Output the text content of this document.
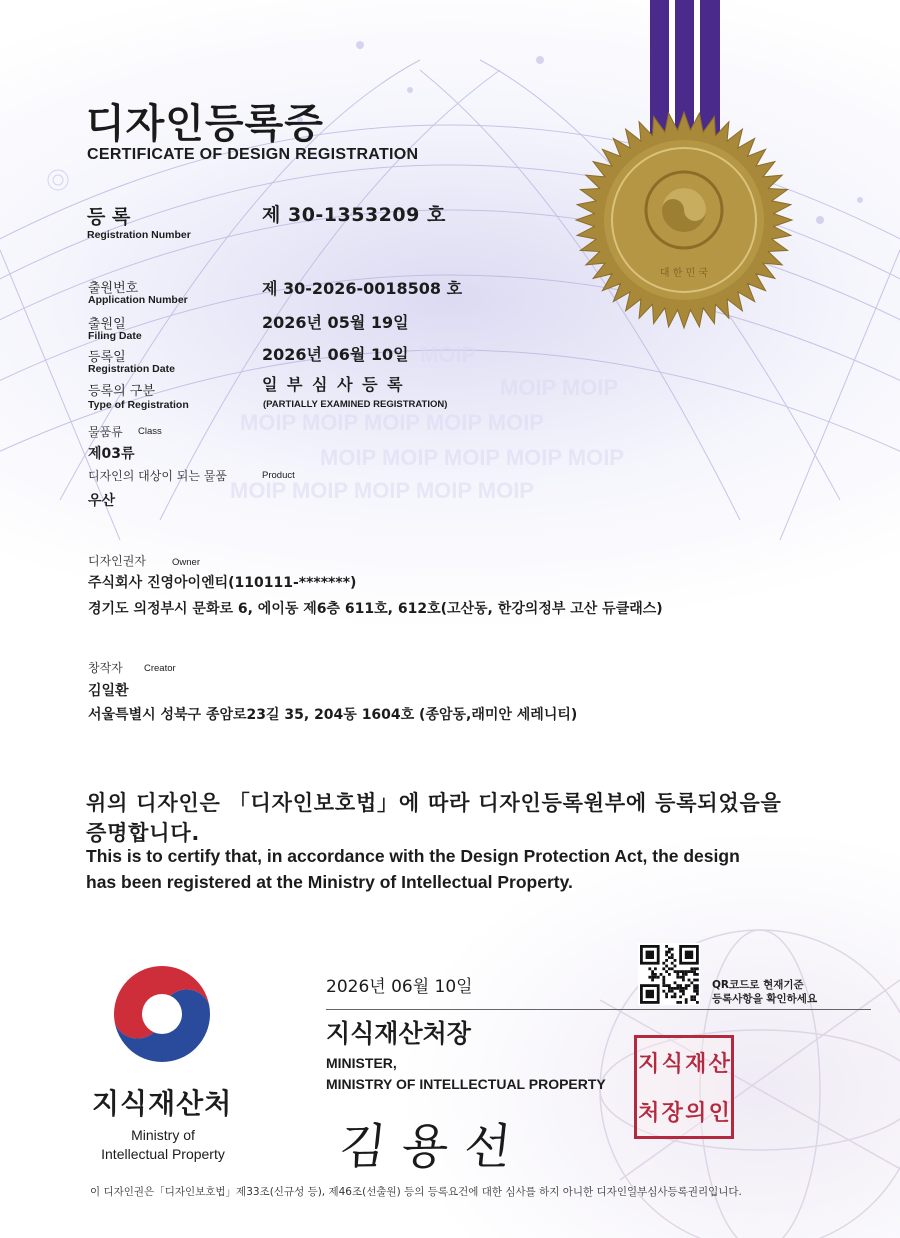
MOIP
MOIP MOIP
MOIP MOIP MOIP MOIP MOIP
MOIP MOIP MOIP MOIP MOIP
MOIP MOIP MOIP MOIP MOIP
대 한 민 국
디자인등록증
CERTIFICATE OF DESIGN REGISTRATION
등 록
Registration Number
제 30-1353209 호
출원번호
Application Number
제 30-2026-0018508 호
출원일
Filing Date
2026년 05월 19일
등록일
Registration Date
2026년 06월 10일
등록의 구분
Type of Registration
일 부 심 사 등 록
(PARTIALLY EXAMINED REGISTRATION)
물품류 Class
제03류
디자인의 대상이 되는 물품	Product
우산
디자인권자	Owner
주식회사 진영아이엔티(110111-*******)
경기도 의정부시 문화로 6, 에이동 제6층 611호, 612호(고산동, 한강의정부 고산 듀클래스)
창작자 Creator
김일환
서울특별시 성북구 종암로23길 35, 204동 1604호 (종암동,래미안 세레니티)
위의 디자인은 「디자인보호법」에 따라 디자인등록원부에 등록되었음을
증명합니다.
This is to certify that, in accordance with the Design Protection Act, the design
has been registered at the Ministry of Intellectual Property.
2026년 06월 10일	QR코드로 현재기준
등록사항을 확인하세요
지식재산처장
MINISTER,
MINISTRY OF INTELLECTUAL PROPERTY
지 식 재 산
처 장 의 인
김용선
지식재산처
Ministry of
Intellectual Property
이 디자인권은「디자인보호법」제33조(신규성 등), 제46조(선출원) 등의 등록요건에 대한 심사를 하지 아니한 디자인일부심사등록권리입니다.
